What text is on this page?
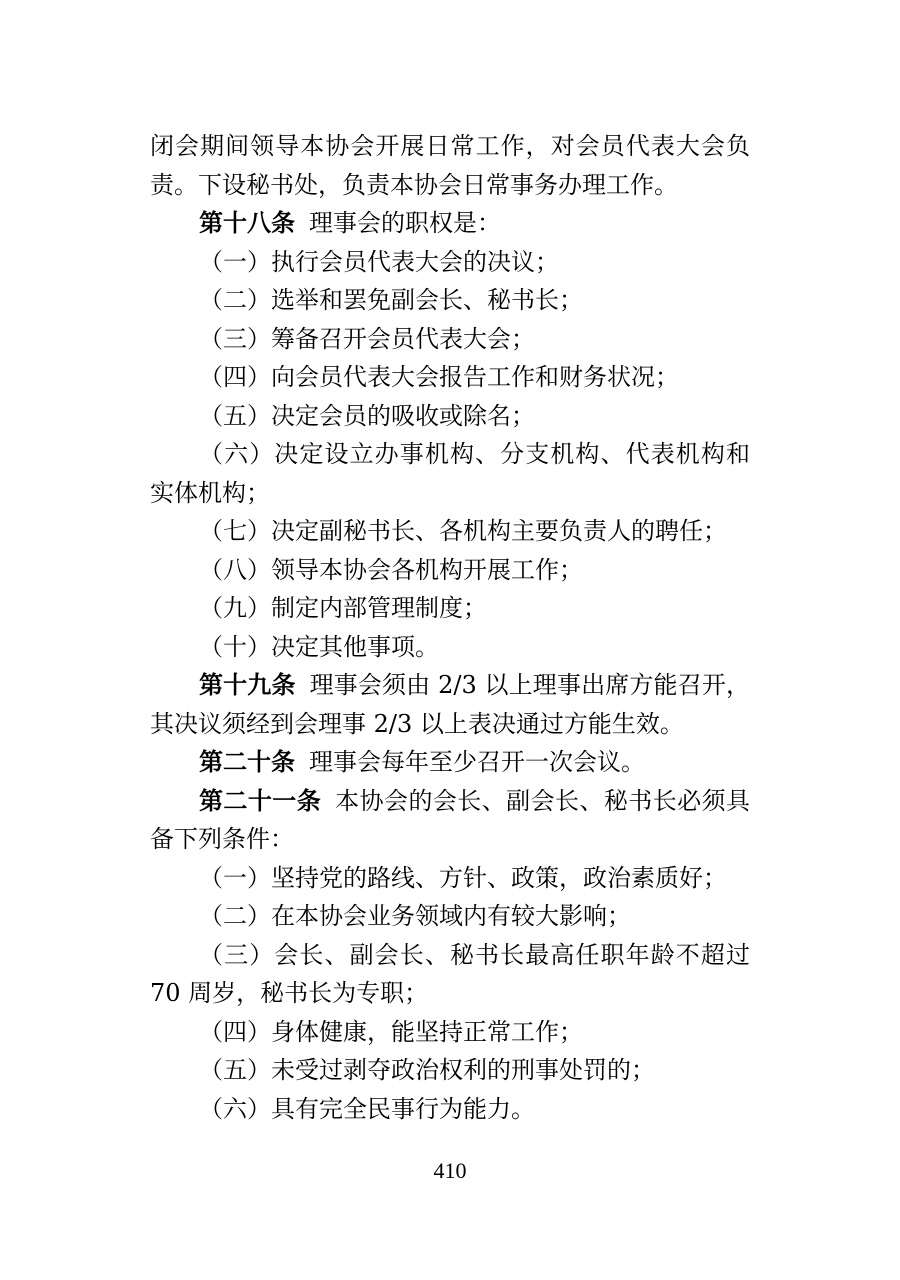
闭会期间领导本协会开展日常工作，对会员代表大会负责。下设秘书处，负责本协会日常事务办理工作。

第十八条 理事会的职权是：

（一）执行会员代表大会的决议；

（二）选举和罢免副会长、秘书长；

（三）筹备召开会员代表大会；

（四）向会员代表大会报告工作和财务状况；

（五）决定会员的吸收或除名；

（六）决定设立办事机构、分支机构、代表机构和实体机构；

（七）决定副秘书长、各机构主要负责人的聘任；

（八）领导本协会各机构开展工作；

（九）制定内部管理制度；

（十）决定其他事项。

第十九条 理事会须由 2/3 以上理事出席方能召开，其决议须经到会理事 2/3 以上表决通过方能生效。

第二十条 理事会每年至少召开一次会议。

第二十一条 本协会的会长、副会长、秘书长必须具备下列条件：

（一）坚持党的路线、方针、政策，政治素质好；

（二）在本协会业务领域内有较大影响；

（三）会长、副会长、秘书长最高任职年龄不超过 70 周岁，秘书长为专职；

（四）身体健康，能坚持正常工作；

（五）未受过剥夺政治权利的刑事处罚的；

（六）具有完全民事行为能力。

410
